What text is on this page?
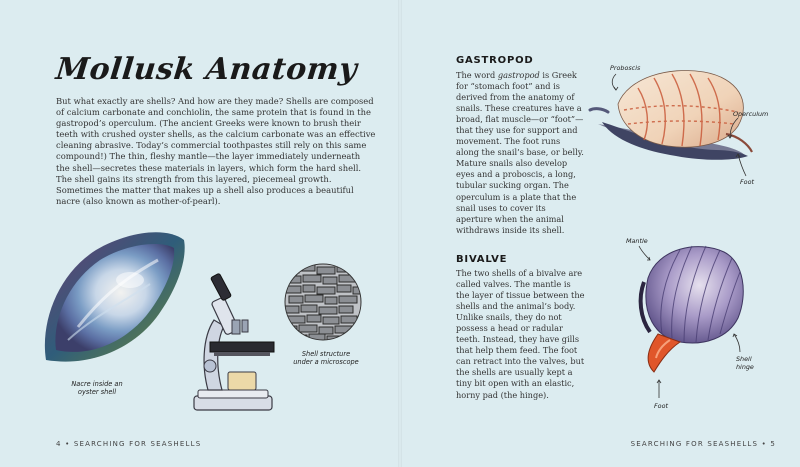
Mollusk Anatomy
But what exactly are shells? And how are they made? Shells are composed of calcium carbonate and conchiolin, the same protein that is found in the gastropod’s operculum. (The ancient Greeks were known to brush their teeth with crushed oyster shells, as the calcium carbonate was an effective cleaning abrasive. Today’s commercial toothpastes still rely on this same compound!) The thin, fleshy mantle—the layer immediately underneath the shell—secretes these materials in layers, which form the hard shell. The shell gains its strength from this layered, piecemeal growth. Sometimes the matter that makes up a shell also produces a beautiful nacre (also known as mother-of-pearl).
Nacre inside an
oyster shell
Shell structure
under a microscope
4 • SEARCHING FOR SEASHELLS
GASTROPOD
The word gastropod is Greek for “stomach foot” and is derived from the anatomy of snails. These creatures have a broad, flat muscle—or “foot”—that they use for support and movement. The foot runs along the snail’s base, or belly. Mature snails also develop eyes and a proboscis, a long, tubular sucking organ. The operculum is a plate that the snail uses to cover its aperture when the animal withdraws inside its shell.
Proboscis
Operculum
Foot
BIVALVE
The two shells of a bivalve are called valves. The mantle is the layer of tissue between the shells and the animal’s body. Unlike snails, they do not possess a head or radular teeth. Instead, they have gills that help them feed. The foot can retract into the valves, but the shells are usually kept a tiny bit open with an elastic, horny pad (the hinge).
Mantle
Shell
hinge
Foot
SEARCHING FOR SEASHELLS • 5
